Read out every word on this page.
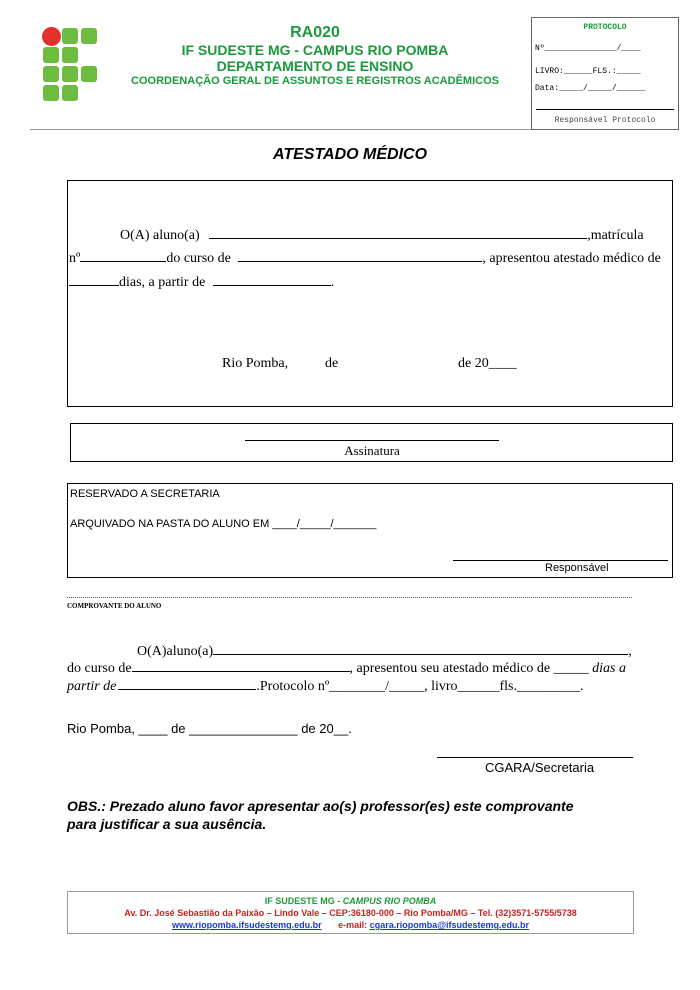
RA020
IF SUDESTE MG - CAMPUS RIO POMBA
DEPARTAMENTO DE ENSINO
COORDENAÇÃO GERAL DE ASSUNTOS E REGISTROS ACADÊMICOS
PROTOCOLO
Nº_______________/____
LIVRO:______FLS.:_____
Data:_____/_____/______
Responsável Protocolo
ATESTADO MÉDICO
O(A) aluno(a)	,matrícula
nº	do curso de	, apresentou atestado médico de
dias, a partir de	.
Rio Pomba,	de	de 20____
Assinatura
RESERVADO A SECRETARIA
ARQUIVADO NA PASTA DO ALUNO EM ____/_____/_______
Responsável
COMPROVANTE DO ALUNO
O(A)aluno(a)	,
do curso de	, apresentou seu atestado médico de _____ dias a
partir de	.Protocolo nº________/_____, livro______fls._________.
Rio Pomba, ____ de _______________ de 20__.
CGARA/Secretaria
OBS.: Prezado aluno favor apresentar ao(s) professor(es) este comprovante
para justificar a sua ausência.
IF SUDESTE MG - CAMPUS RIO POMBA
Av. Dr. José Sebastião da Paixão – Lindo Vale – CEP:36180-000 – Rio Pomba/MG – Tel. (32)3571-5755/5738
www.riopomba.ifsudestemg.edu.br e-mail: cgara.riopomba@ifsudestemg.edu.br
